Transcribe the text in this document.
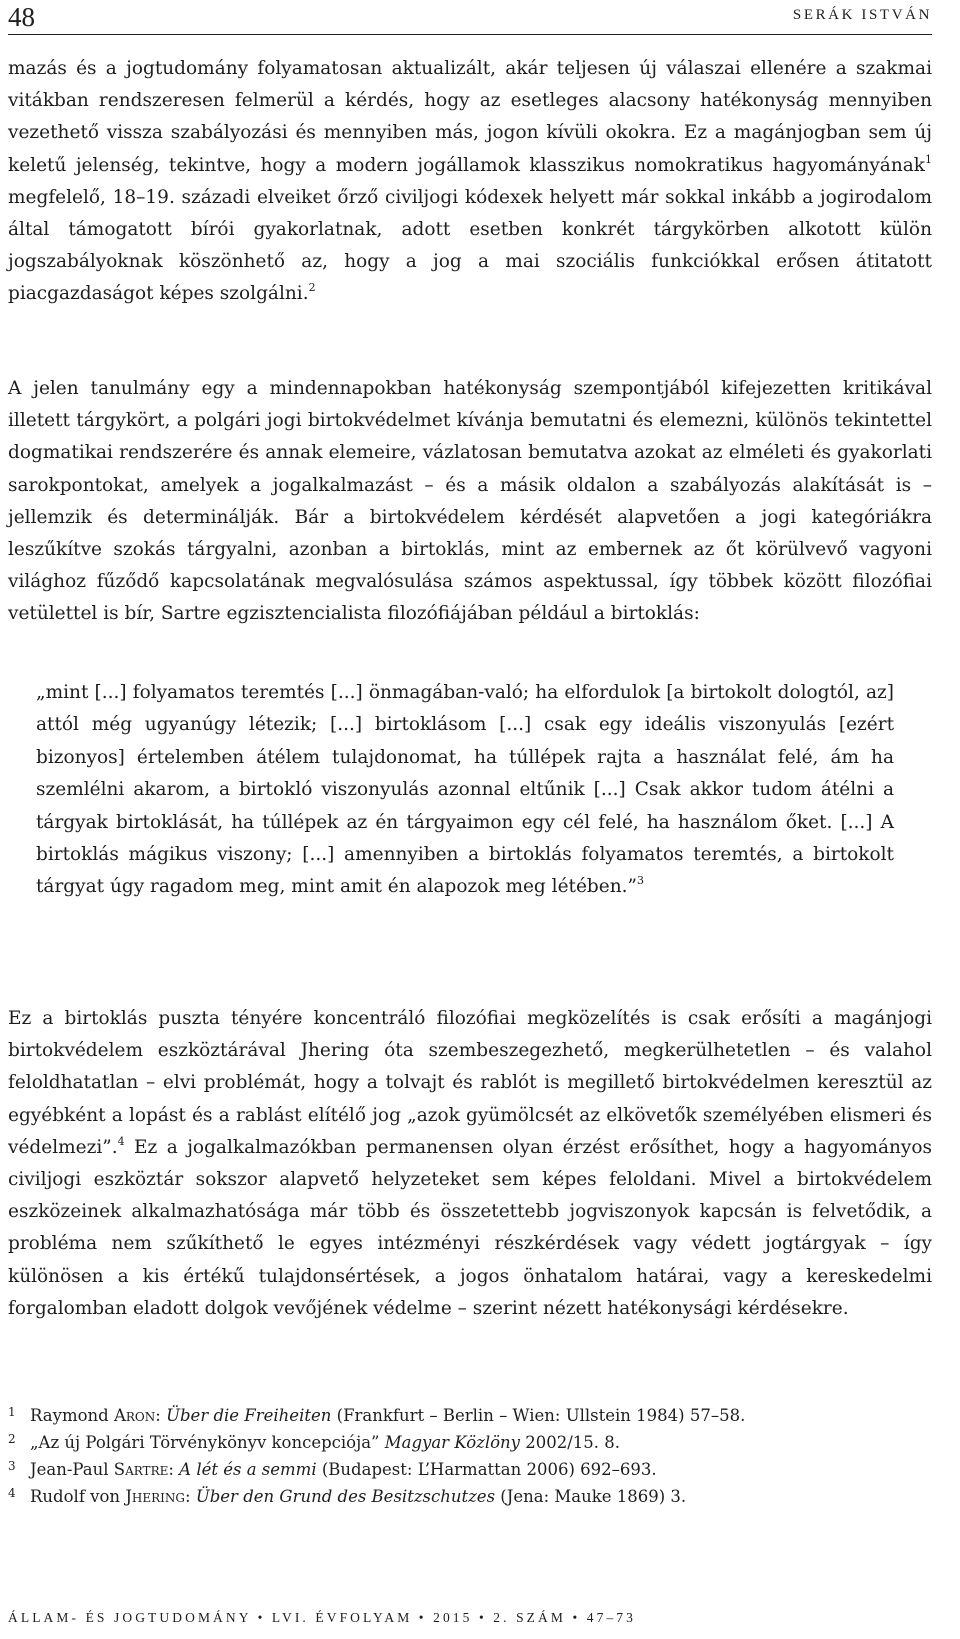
48	SERÁK ISTVÁN

mazás és a jogtudomány folyamatosan aktualizált, akár teljesen új válaszai ellenére a szakmai vitákban rendszeresen felmerül a kérdés, hogy az esetleges alacsony hatékonyság mennyiben vezethető vissza szabályozási és mennyiben más, jogon kívüli okokra. Ez a magánjogban sem új keletű jelenség, tekintve, hogy a modern jogállamok klasszikus nomokratikus hagyományának$^1$ megfelelő, 18–19. századi elveiket őrző civiljogi kódexek helyett már sokkal inkább a jogirodalom által támogatott bírói gyakorlatnak, adott esetben konkrét tárgykörben alkotott külön jogszabályoknak köszönhető az, hogy a jog a mai szociális funkciókkal erősen átitatott piacgazdaságot képes szolgálni.$^2$

A jelen tanulmány egy a mindennapokban hatékonyság szempontjából kifejezetten kritikával illetett tárgykört, a polgári jogi birtokvédelmet kívánja bemutatni és elemezni, különös tekintettel dogmatikai rendszerére és annak elemeire, vázlatosan bemutatva azokat az elméleti és gyakorlati sarokpontokat, amelyek a jogalkalmazást – és a másik oldalon a szabályozás alakítását is – jellemzik és determinálják. Bár a birtokvédelem kérdését alapvetően a jogi kategóriákra leszűkítve szokás tárgyalni, azonban a birtoklás, mint az embernek az őt körülvevő vagyoni világhoz fűződő kapcsolatának megvalósulása számos aspektussal, így többek között filozófiai vetülettel is bír, Sartre egzisztencialista filozófiájában például a birtoklás:

„mint [...] folyamatos teremtés [...] önmagában-való; ha elfordulok [a birtokolt dologtól, az] attól még ugyanúgy létezik; [...] birtoklásom [...] csak egy ideális viszonyulás [ezért bizonyos] értelemben átélem tulajdonomat, ha túllépek rajta a használat felé, ám ha szemlélni akarom, a birtokló viszonyulás azonnal eltűnik [...] Csak akkor tudom átélni a tárgyak birtoklását, ha túllépek az én tárgyaimon egy cél felé, ha használom őket. [...] A birtoklás mágikus viszony; [...] amennyiben a birtoklás folyamatos teremtés, a birtokolt tárgyat úgy ragadom meg, mint amit én alapozok meg létében.”$^3$

Ez a birtoklás puszta tényére koncentráló filozófiai megközelítés is csak erősíti a magánjogi birtokvédelem eszköztárával Jhering óta szembeszegezhető, megkerülhetetlen – és valahol feloldhatatlan – elvi problémát, hogy a tolvajt és rablót is megillető birtokvédelmen keresztül az egyébként a lopást és a rablást elítélő jog „azok gyümölcsét az elkövetők személyében elismeri és védelmezi”.$^4$ Ez a jogalkalmazókban permanensen olyan érzést erősíthet, hogy a hagyományos civiljogi eszköztár sokszor alapvető helyzeteket sem képes feloldani. Mivel a birtokvédelem eszközeinek alkalmazhatósága már több és összetettebb jogviszonyok kapcsán is felvetődik, a probléma nem szűkíthető le egyes intézményi részkérdések vagy védett jogtárgyak – így különösen a kis értékű tulajdonsértések, a jogos önhatalom határai, vagy a kereskedelmi forgalomban eladott dolgok vevőjének védelme – szerint nézett hatékonysági kérdésekre.

1 Raymond Aron: Über die Freiheiten (Frankfurt – Berlin – Wien: Ullstein 1984) 57–58.
2 „Az új Polgári Törvénykönyv koncepciója” Magyar Közlöny 2002/15. 8.
3 Jean-Paul Sartre: A lét és a semmi (Budapest: L’Harmattan 2006) 692–693.
4 Rudolf von Jhering: Über den Grund des Besitzschutzes (Jena: Mauke 1869) 3.
ÁLLAM- ÉS JOGTUDOMÁNY • LVI. ÉVFOLYAM • 2015 • 2. SZÁM • 47–73
